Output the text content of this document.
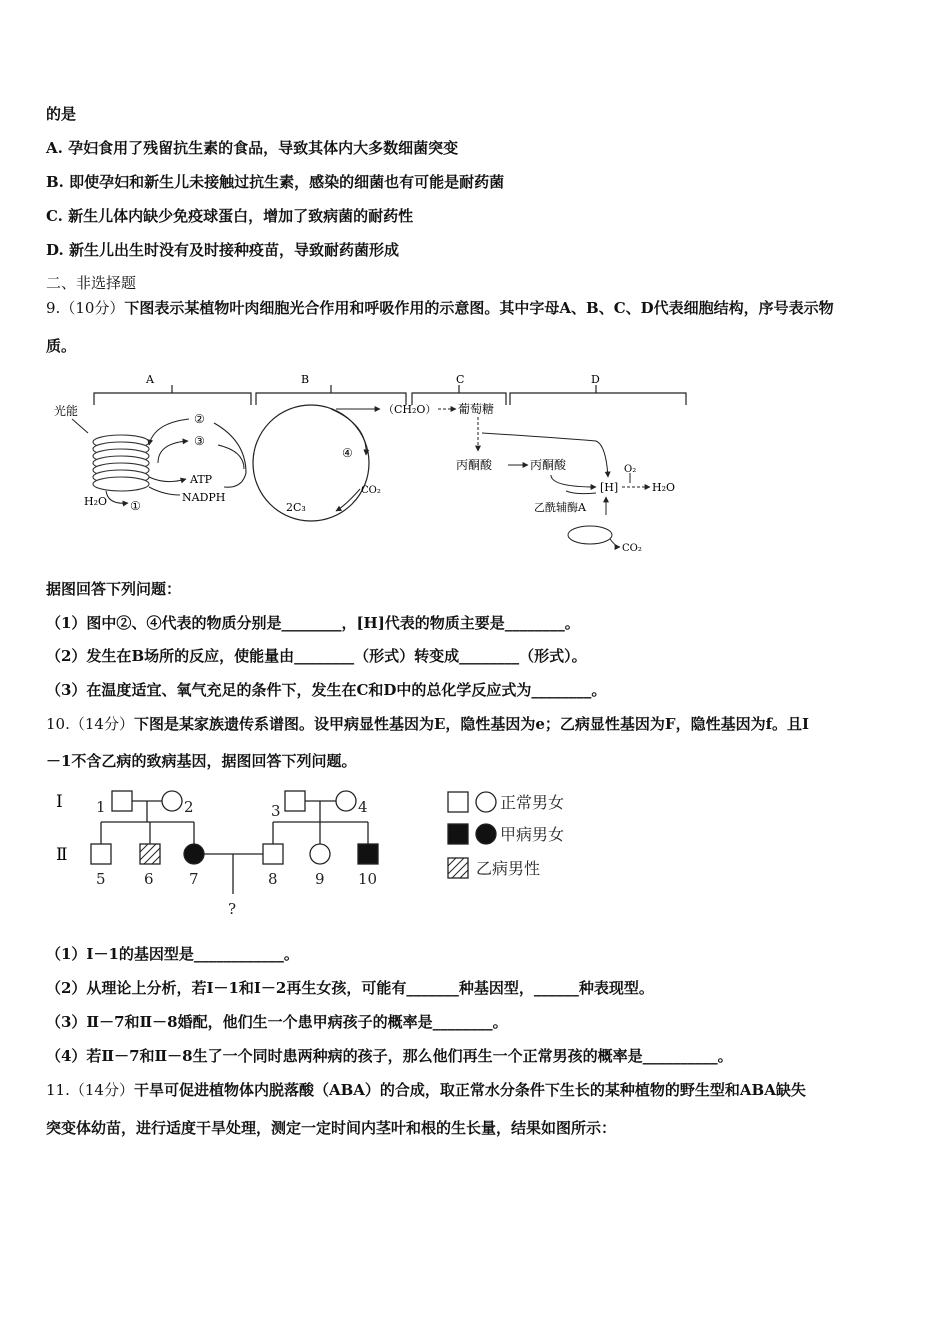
的是
A. 孕妇食用了残留抗生素的食品，导致其体内大多数细菌突变
B. 即使孕妇和新生儿未接触过抗生素，感染的细菌也有可能是耐药菌
C. 新生儿体内缺少免疫球蛋白，增加了致病菌的耐药性
D. 新生儿出生时没有及时接种疫苗，导致耐药菌形成
二、非选择题
9.（10分）下图表示某植物叶肉细胞光合作用和呼吸作用的示意图。其中字母A、B、C、D代表细胞结构，序号表示物
质。
A	B	C	D
光能
H₂O ①
②
③
ATP
NADPH
④
2C₃
CO₂
（CH₂O） 葡萄糖
丙酮酸	丙酮酸	O₂
[H]	H₂O
乙酰辅酶A
CO₂
据图回答下列问题：
（1）图中②、④代表的物质分别是________，[H]代表的物质主要是________。
（2）发生在B场所的反应，使能量由________（形式）转变成________（形式）。
（3）在温度适宜、氧气充足的条件下，发生在C和D中的总化学反应式为________。
10.（14分）下图是某家族遗传系谱图。设甲病显性基因为E，隐性基因为e；乙病显性基因为F，隐性基因为f。且Ⅰ
－1不含乙病的致病基因，据图回答下列问题。
Ⅰ
Ⅱ
1	2	3	4
5	6 7	8 9 10
?
正常男女
甲病男女
乙病男性
（1）Ⅰ－1的基因型是____________。
（2）从理论上分析，若Ⅰ－1和Ⅰ－2再生女孩，可能有_______种基因型，______种表现型。
（3）Ⅱ－7和Ⅱ－8婚配，他们生一个患甲病孩子的概率是________。
（4）若Ⅱ－7和Ⅱ－8生了一个同时患两种病的孩子，那么他们再生一个正常男孩的概率是__________。
11.（14分）干旱可促进植物体内脱落酸（ABA）的合成，取正常水分条件下生长的某种植物的野生型和ABA缺失
突变体幼苗，进行适度干旱处理，测定一定时间内茎叶和根的生长量，结果如图所示：
